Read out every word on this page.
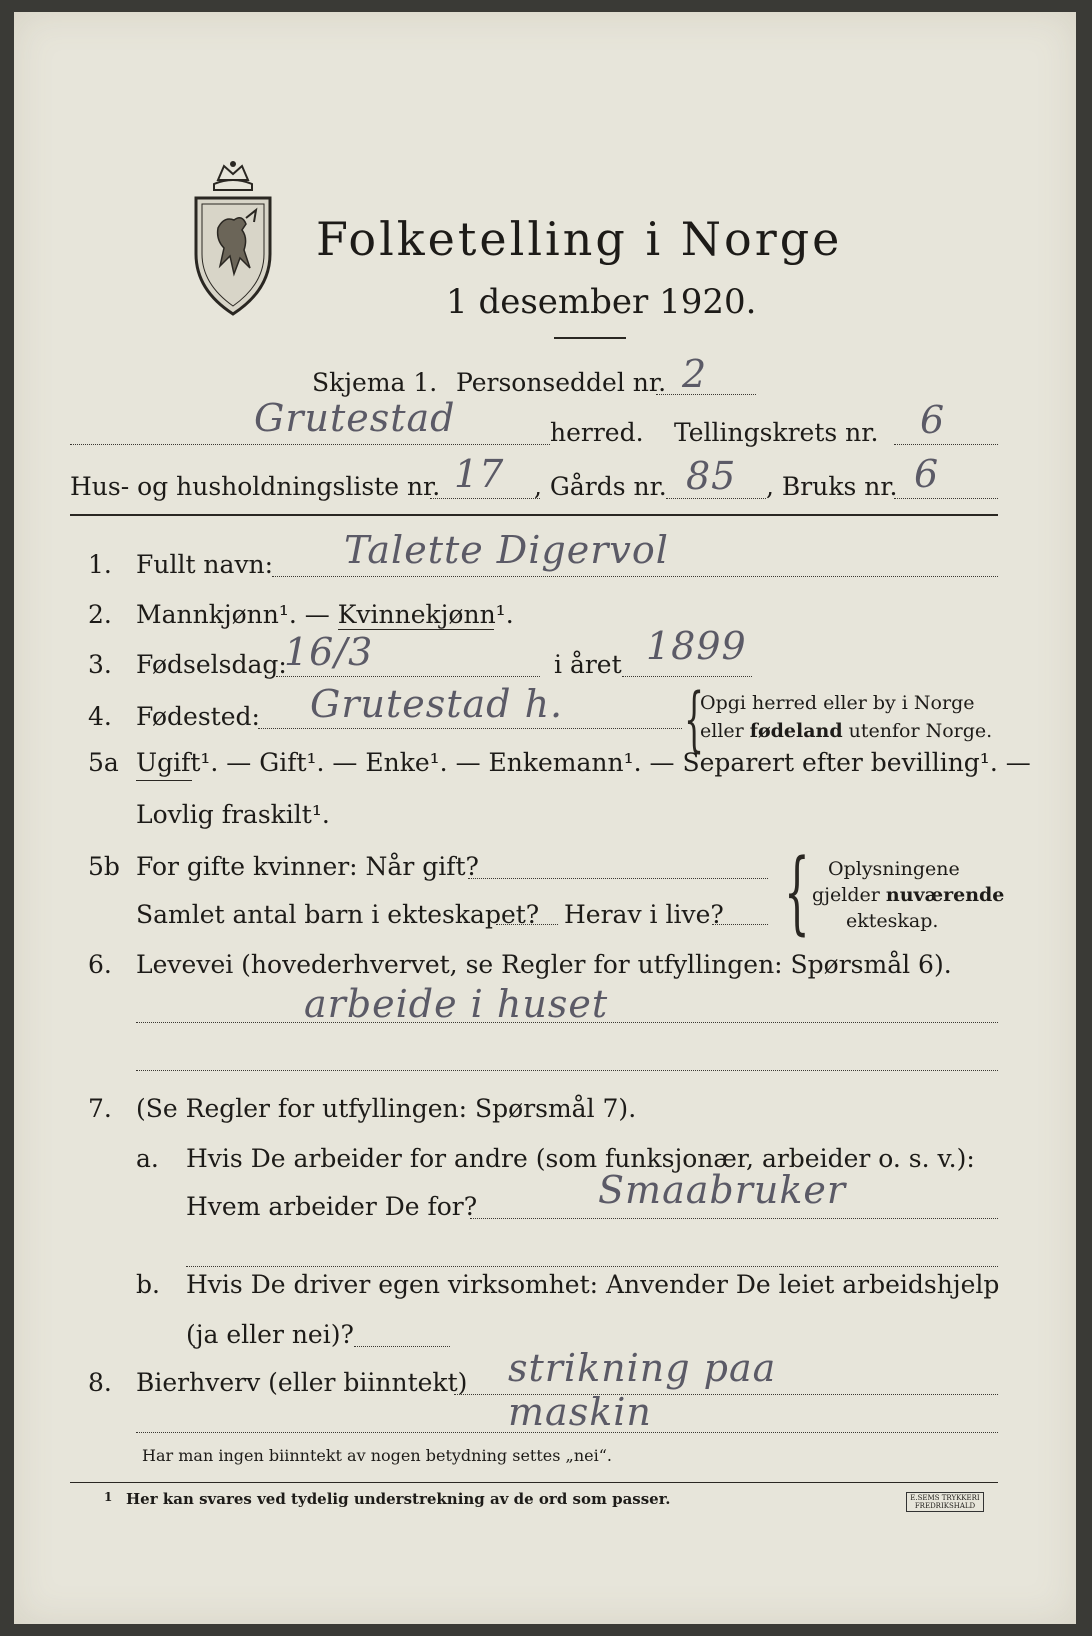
Folketelling i Norge
1 desember 1920.
Skjema 1. Personseddel nr. 2
Grutestad	herred. Tellingskrets nr. 6
Hus- og husholdningsliste nr. 17 , Gårds nr. 85 , Bruks nr. 6
1. Fullt navn: Talette Digervol
2. Mannkjønn¹. — Kvinnekjønn¹.
3. Fødselsdag:
16/3	i året 1899
4. Fødested: Grutestad h. {
Opgi herred eller by i Norge
eller fødeland utenfor Norge.
5a Ugift¹. — Gift¹. — Enke¹. — Enkemann¹. — Separert efter bevilling¹. —
Lovlig fraskilt¹.
5b For gifte kvinner: Når gift?
Samlet antal barn i ekteskapet? Herav i live? { Oplysningene
gjelder nuværende
ekteskap.
6. Levevei (hovederhvervet, se Regler for utfyllingen: Spørsmål 6).
arbeide i huset
7. (Se Regler for utfyllingen: Spørsmål 7).
a. Hvis De arbeider for andre (som funksjonær, arbeider o. s. v.):
Hvem arbeider De for?	Smaabruker
b. Hvis De driver egen virksomhet: Anvender De leiet arbeidshjelp
(ja eller nei)?
8. Bierhverv (eller biinntekt) strikning paa
maskin
Har man ingen biinntekt av nogen betydning settes „nei“.
1 Her kan svares ved tydelig understrekning av de ord som passer.	E.SEMS TRYKKERI FREDRIKSHALD
